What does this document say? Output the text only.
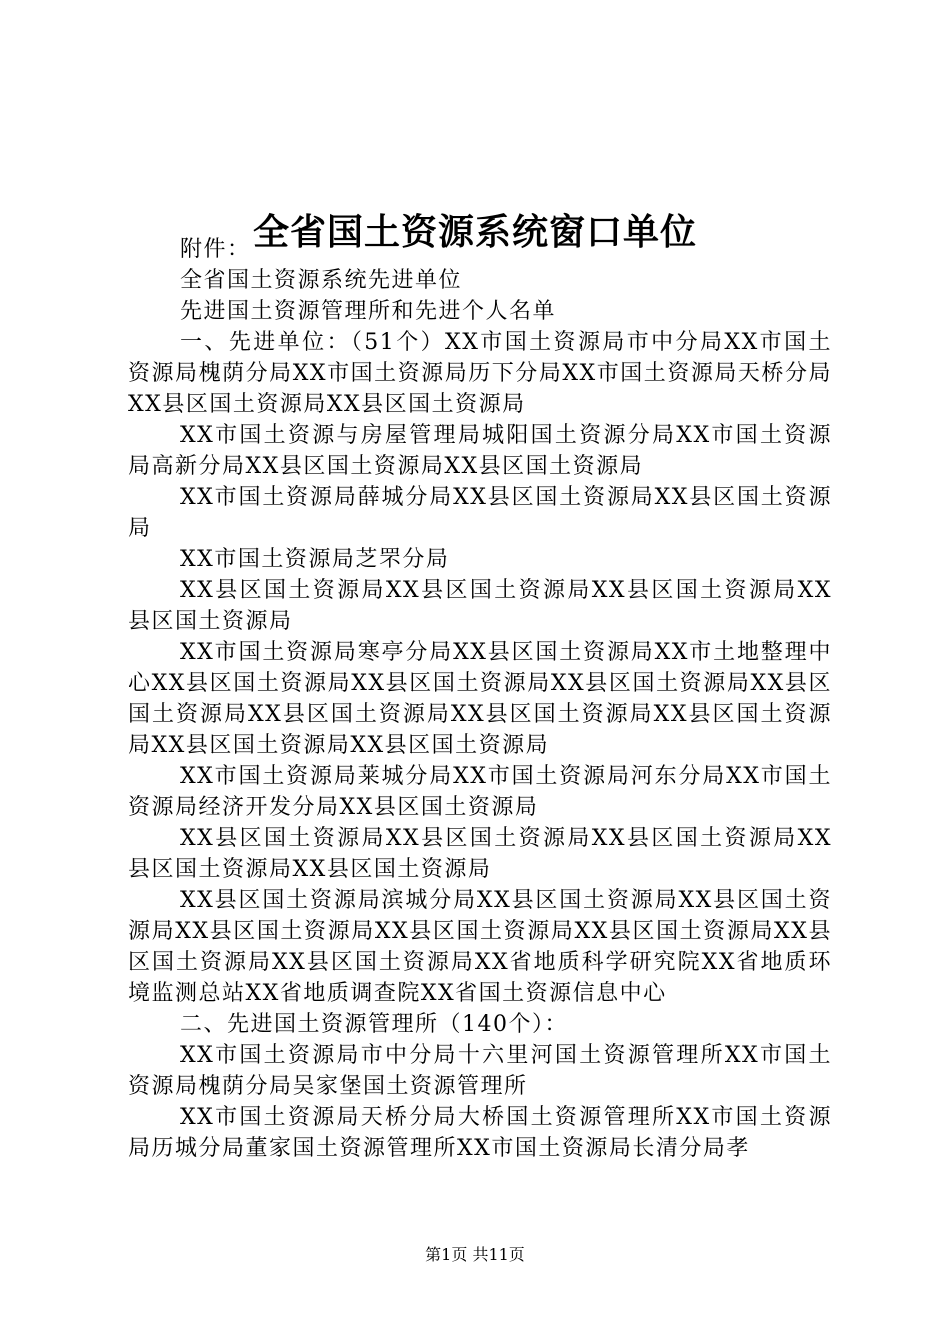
全省国土资源系统窗口单位

附件：

全省国土资源系统先进单位

先进国土资源管理所和先进个人名单

一、先进单位：（51个）XX市国土资源局市中分局XX市国土资源局槐荫分局XX市国土资源局历下分局XX市国土资源局天桥分局XX县区国土资源局XX县区国土资源局

XX市国土资源与房屋管理局城阳国土资源分局XX市国土资源局高新分局XX县区国土资源局XX县区国土资源局

XX市国土资源局薛城分局XX县区国土资源局XX县区国土资源局

XX市国土资源局芝罘分局

XX县区国土资源局XX县区国土资源局XX县区国土资源局XX县区国土资源局

XX市国土资源局寒亭分局XX县区国土资源局XX市土地整理中心XX县区国土资源局XX县区国土资源局XX县区国土资源局XX县区国土资源局XX县区国土资源局XX县区国土资源局XX县区国土资源局XX县区国土资源局XX县区国土资源局

XX市国土资源局莱城分局XX市国土资源局河东分局XX市国土资源局经济开发分局XX县区国土资源局

XX县区国土资源局XX县区国土资源局XX县区国土资源局XX县区国土资源局XX县区国土资源局

XX县区国土资源局滨城分局XX县区国土资源局XX县区国土资源局XX县区国土资源局XX县区国土资源局XX县区国土资源局XX县区国土资源局XX县区国土资源局XX省地质科学研究院XX省地质环境监测总站XX省地质调查院XX省国土资源信息中心

二、先进国土资源管理所（140个）：

XX市国土资源局市中分局十六里河国土资源管理所XX市国土资源局槐荫分局吴家堡国土资源管理所

XX市国土资源局天桥分局大桥国土资源管理所XX市国土资源局历城分局董家国土资源管理所XX市国土资源局长清分局孝

第1页 共11页
